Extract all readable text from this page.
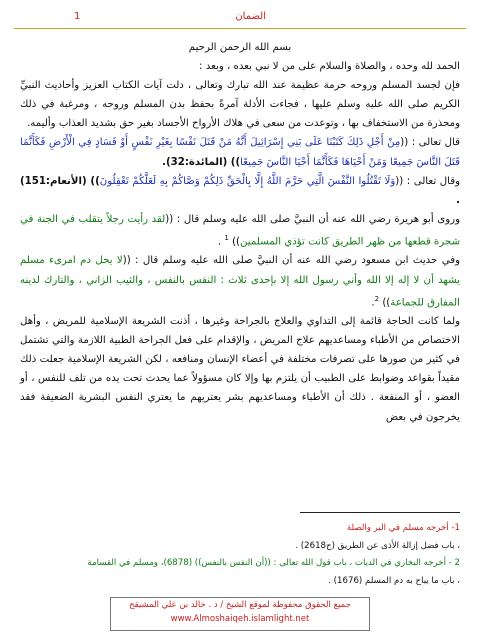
الضمان
1

بسم الله الرحمن الرحيم

الحمد لله وحده ، والصلاة والسلام على من لا نبي بعده ، وبعد :

فإن لجسد المسلم وروحه حرمة عظيمة عند الله تبارك وتعالى ، دلت آيات الكتاب العزيز وأحاديث النبيِّ الكريم صلى الله عليه وسلم عليها ، فجاءت الأدلة آمرةً بحفظ بدن المسلم وروحه ، ومرغبة في ذلك ومحذرة من الاستخفاف بها ، وتوعدت من سعى في هلاك الأرواح الأجساد بغير حق بشديد العذاب وأليمه.

قال تعالى : ((مِنْ أَجْلِ ذَلِكَ كَتَبْنَا عَلَى بَنِي إِسْرَائِيلَ أَنَّهُ مَنْ قَتَلَ نَفْسًا بِغَيْرِ نَفْسٍ أَوْ فَسَادٍ فِي الْأَرْضِ فَكَأَنَّمَا قَتَلَ النَّاسَ جَمِيعًا وَمَنْ أَحْيَاهَا فَكَأَنَّمَا أَحْيَا النَّاسَ جَمِيعًا)) (المائدة:32).

وقال تعالى : ((وَلَا تَقْتُلُوا النَّفْسَ الَّتِي حَرَّمَ اللَّهُ إِلَّا بِالْحَقِّ ذَلِكُمْ وَصَّاكُمْ بِهِ لَعَلَّكُمْ تَعْقِلُونَ)) (الأنعام:151) .

وروى أبو هريرة رضي الله عنه أن النبيَّ صلى الله عليه وسلم قال : ((لقد رأيت رجلاً يتقلب في الجنة في شجرة قطعها من ظهر الطريق كانت تؤذي المسلمين)) $^1$ .

وفي حديث ابن مسعود رضي الله عنه أن النبيَّ صلى الله عليه وسلم قال : ((لا يحل دم امرىء مسلم يشهد أن لا إله إلا الله وأني رسول الله إلا بإحدى ثلاث : النفس بالنفس ، والثيب الزاني ، والتارك لدينه المفارق للجماعة)) $^2$.

ولما كانت الحاجة قائمة إلى التداوي والعلاج بالجراحة وغيرها ، أذنت الشريعة الإسلامية للمريض ، وأهل الاختصاص من الأطباء ومساعديهم علاج المريض ، والإقدام على فعل الجراحة الطبية اللازمة والتي تشتمل في كثير من صورها على تصرفات مختلفة في أعضاء الإنسان ومنافعه ، لكن الشريعة الإسلامية جعلت ذلك مقيداً بقواعد وضوابط على الطبيب أن يلتزم بها وإلا كان مسؤولاً عما يحدث تحت يده من تلف للنفس ، أو العضو ، أو المنفعة . ذلك أن الأطباء ومساعديهم بشر يعتريهم ما يعتري النفس البشرية الضعيفة فقد يخرجون في بعض

1- أخرجه مسلم في البر والصلة

، باب فضل إزالة الأذى عن الطريق (ح2618) .

2 - أخرجه البخاري في الديات ، باب قول الله تعالى : ((أن النفس بالنفس)) (6878)، ومسلم في القسامة

، باب ما يباح به دم المسلم (1676) .

جميع الحقوق محفوظة لموقع الشيخ / د . خالد بن علي المشيقح
www.Almoshaiqeh.islamlight.net
